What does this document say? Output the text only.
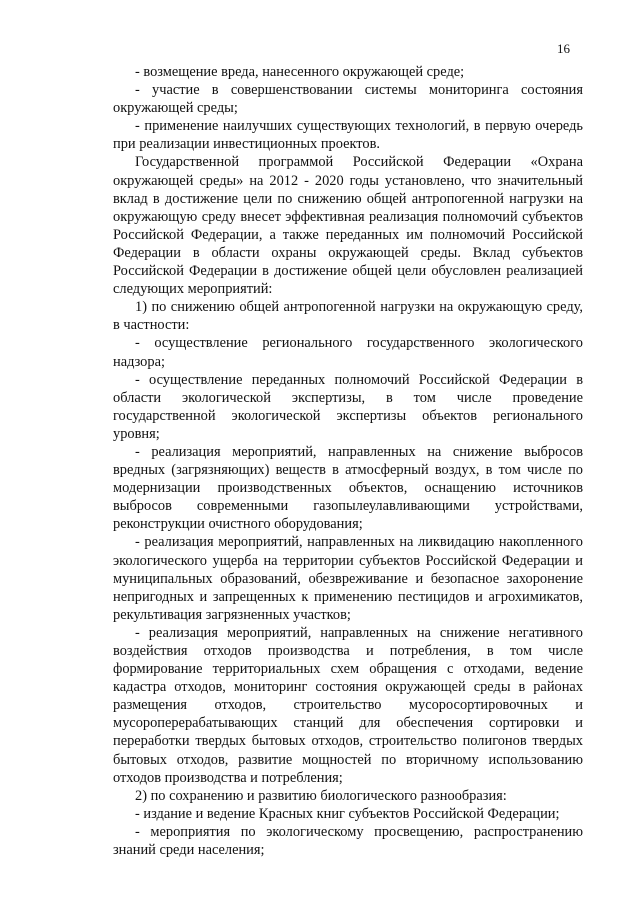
16

- возмещение вреда, нанесенного окружающей среде;

- участие в совершенствовании системы мониторинга состояния окружающей среды;

- применение наилучших существующих технологий, в первую очередь при реализации инвестиционных проектов.

Государственной программой Российской Федерации «Охрана окружающей среды» на 2012 - 2020 годы установлено, что значительный вклад в достижение цели по снижению общей антропогенной нагрузки на окружающую среду внесет эффективная реализация полномочий субъектов Российской Федерации, а также переданных им полномочий Российской Федерации в области охраны окружающей среды. Вклад субъектов Российской Федерации в достижение общей цели обусловлен реализацией следующих мероприятий:

1) по снижению общей антропогенной нагрузки на окружающую среду, в частности:

- осуществление регионального государственного экологического надзора;

- осуществление переданных полномочий Российской Федерации в области экологической экспертизы, в том числе проведение государственной экологической экспертизы объектов регионального уровня;

- реализация мероприятий, направленных на снижение выбросов вредных (загрязняющих) веществ в атмосферный воздух, в том числе по модернизации производственных объектов, оснащению источников выбросов современными газопылеулавливающими устройствами, реконструкции очистного оборудования;

- реализация мероприятий, направленных на ликвидацию накопленного экологического ущерба на территории субъектов Российской Федерации и муниципальных образований, обезвреживание и безопасное захоронение непригодных и запрещенных к применению пестицидов и агрохимикатов, рекультивация загрязненных участков;

- реализация мероприятий, направленных на снижение негативного воздействия отходов производства и потребления, в том числе формирование территориальных схем обращения с отходами, ведение кадастра отходов, мониторинг состояния окружающей среды в районах размещения отходов, строительство мусоросортировочных и мусороперерабатывающих станций для обеспечения сортировки и переработки твердых бытовых отходов, строительство полигонов твердых бытовых отходов, развитие мощностей по вторичному использованию отходов производства и потребления;

2) по сохранению и развитию биологического разнообразия:

- издание и ведение Красных книг субъектов Российской Федерации;

- мероприятия по экологическому просвещению, распространению знаний среди населения;
